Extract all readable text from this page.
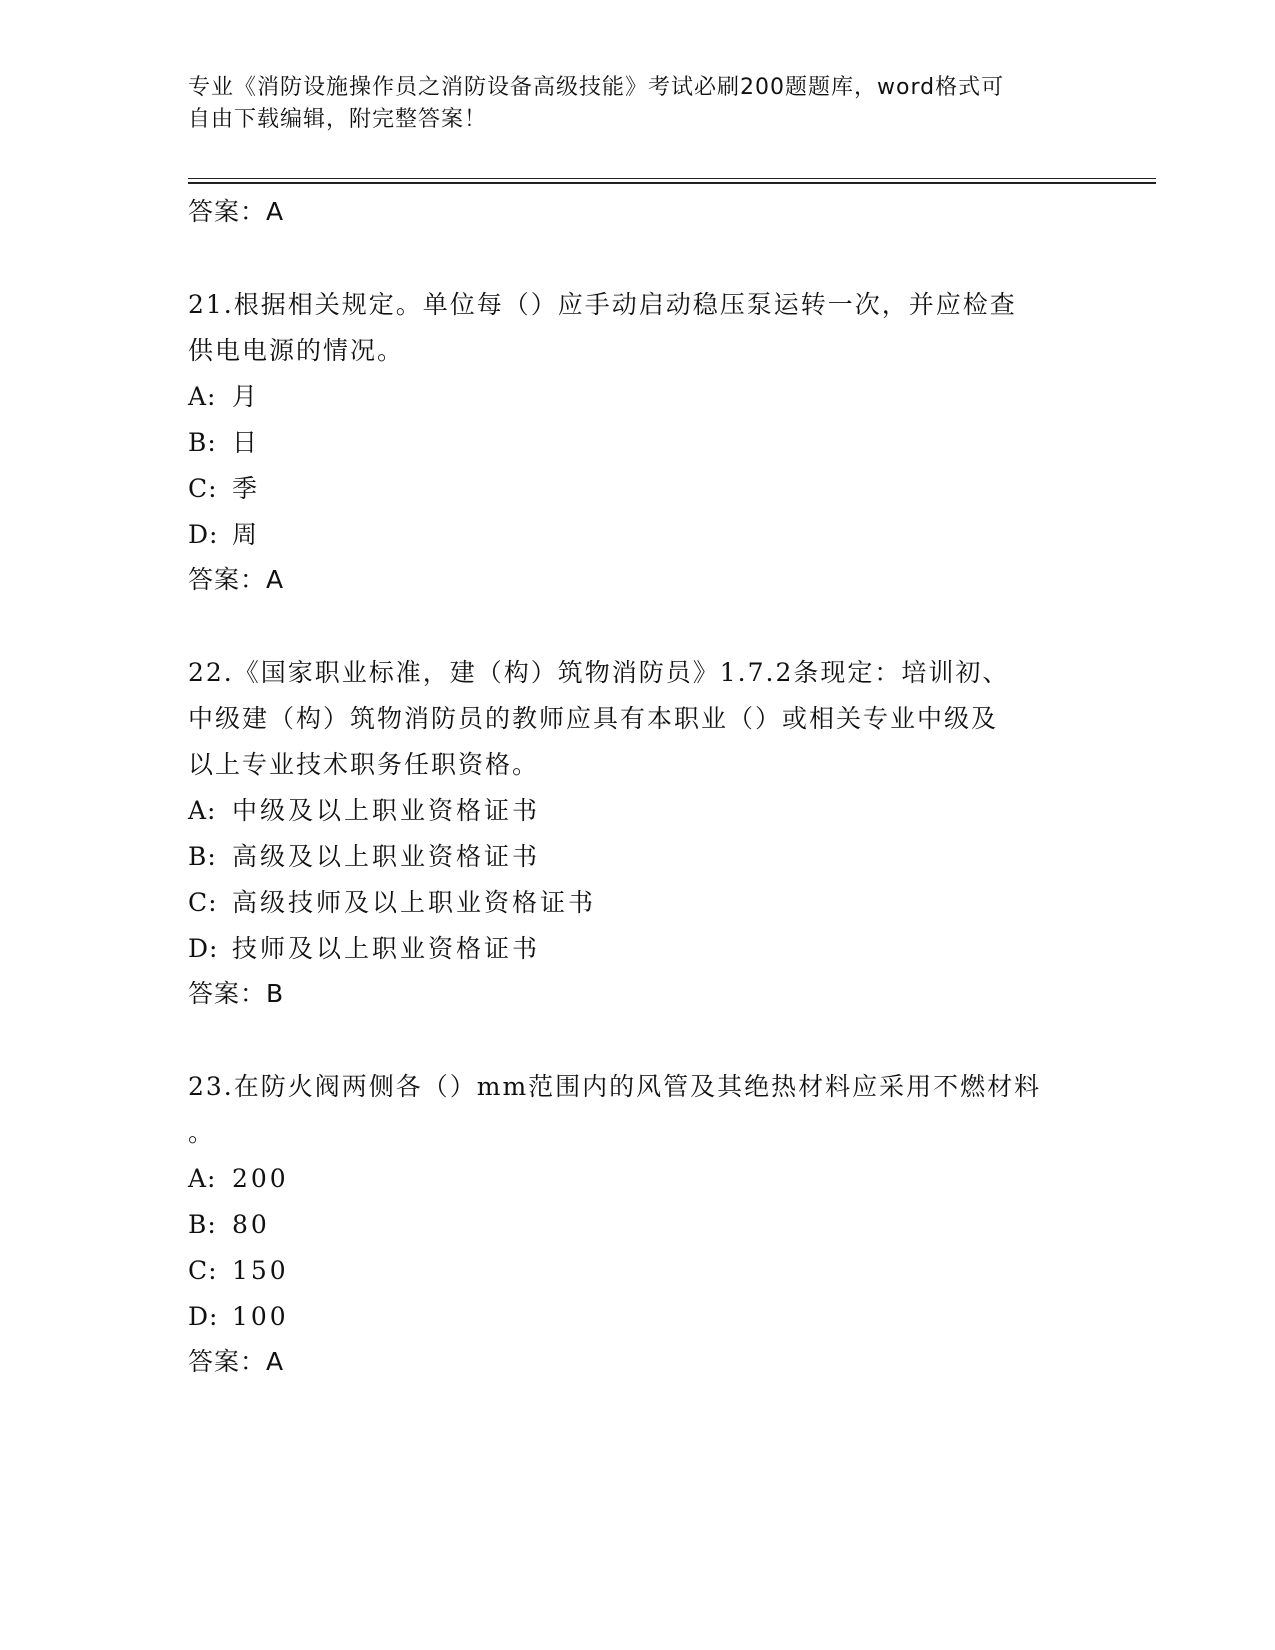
专业《消防设施操作员之消防设备高级技能》考试必刷200题题库，word格式可
自由下载编辑，附完整答案！
答案：A

21.根据相关规定。单位每（）应手动启动稳压泵运转一次，并应检查
供电电源的情况。

A: 月
B: 日
C: 季
D: 周
答案：A

22.《国家职业标准，建（构）筑物消防员》1.7.2条现定：培训初、
中级建（构）筑物消防员的教师应具有本职业（）或相关专业中级及
以上专业技术职务任职资格。

A: 中级及以上职业资格证书
B: 高级及以上职业资格证书
C: 高级技师及以上职业资格证书
D: 技师及以上职业资格证书
答案：B

23.在防火阀两侧各（）mm范围内的风管及其绝热材料应采用不燃材料
。

A: 200
B: 80
C: 150
D: 100
答案：A
